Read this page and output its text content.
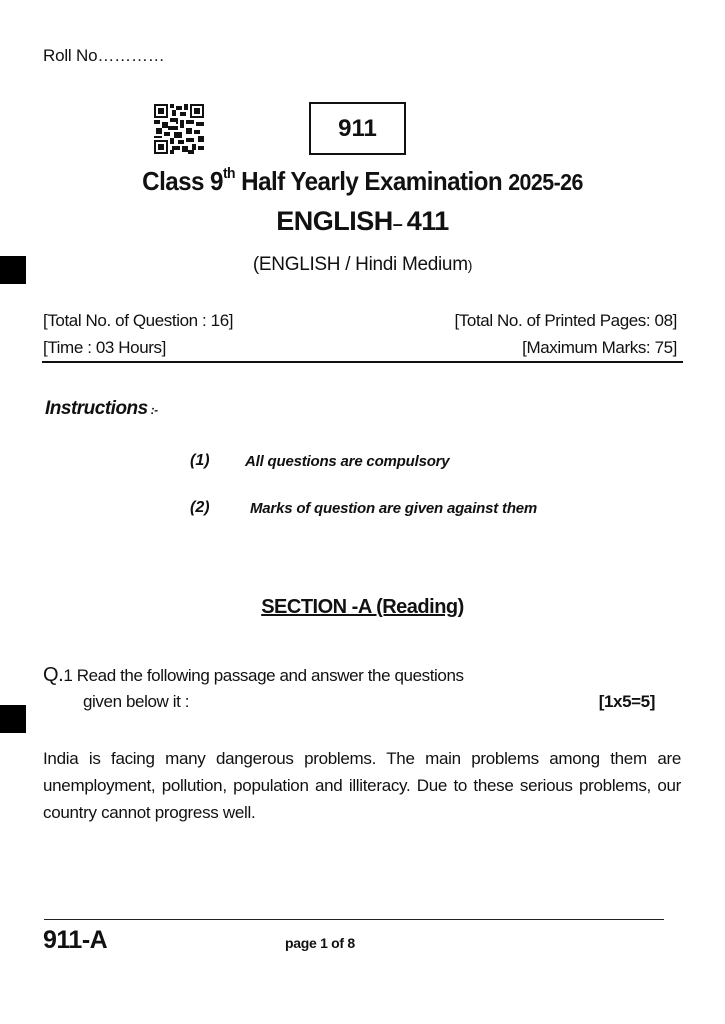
Roll No…………
911
Class 9th Half Yearly Examination 2025-26
ENGLISH– 411
(ENGLISH / Hindi Medium)
[Total No. of Question : 16]	[Total No. of Printed Pages: 08]
[Time : 03 Hours]	[Maximum Marks: 75]
Instructions :-
(1) All questions are compulsory
(2)	Marks of question are given against them
SECTION -A (Reading)
Q.1 Read the following passage and answer the questions
given below it :	[1x5=5]
India is facing many dangerous problems. The main problems among them are unemployment, pollution, population and illiteracy. Due to these serious problems, our country cannot progress well.
911-A	page 1 of 8
